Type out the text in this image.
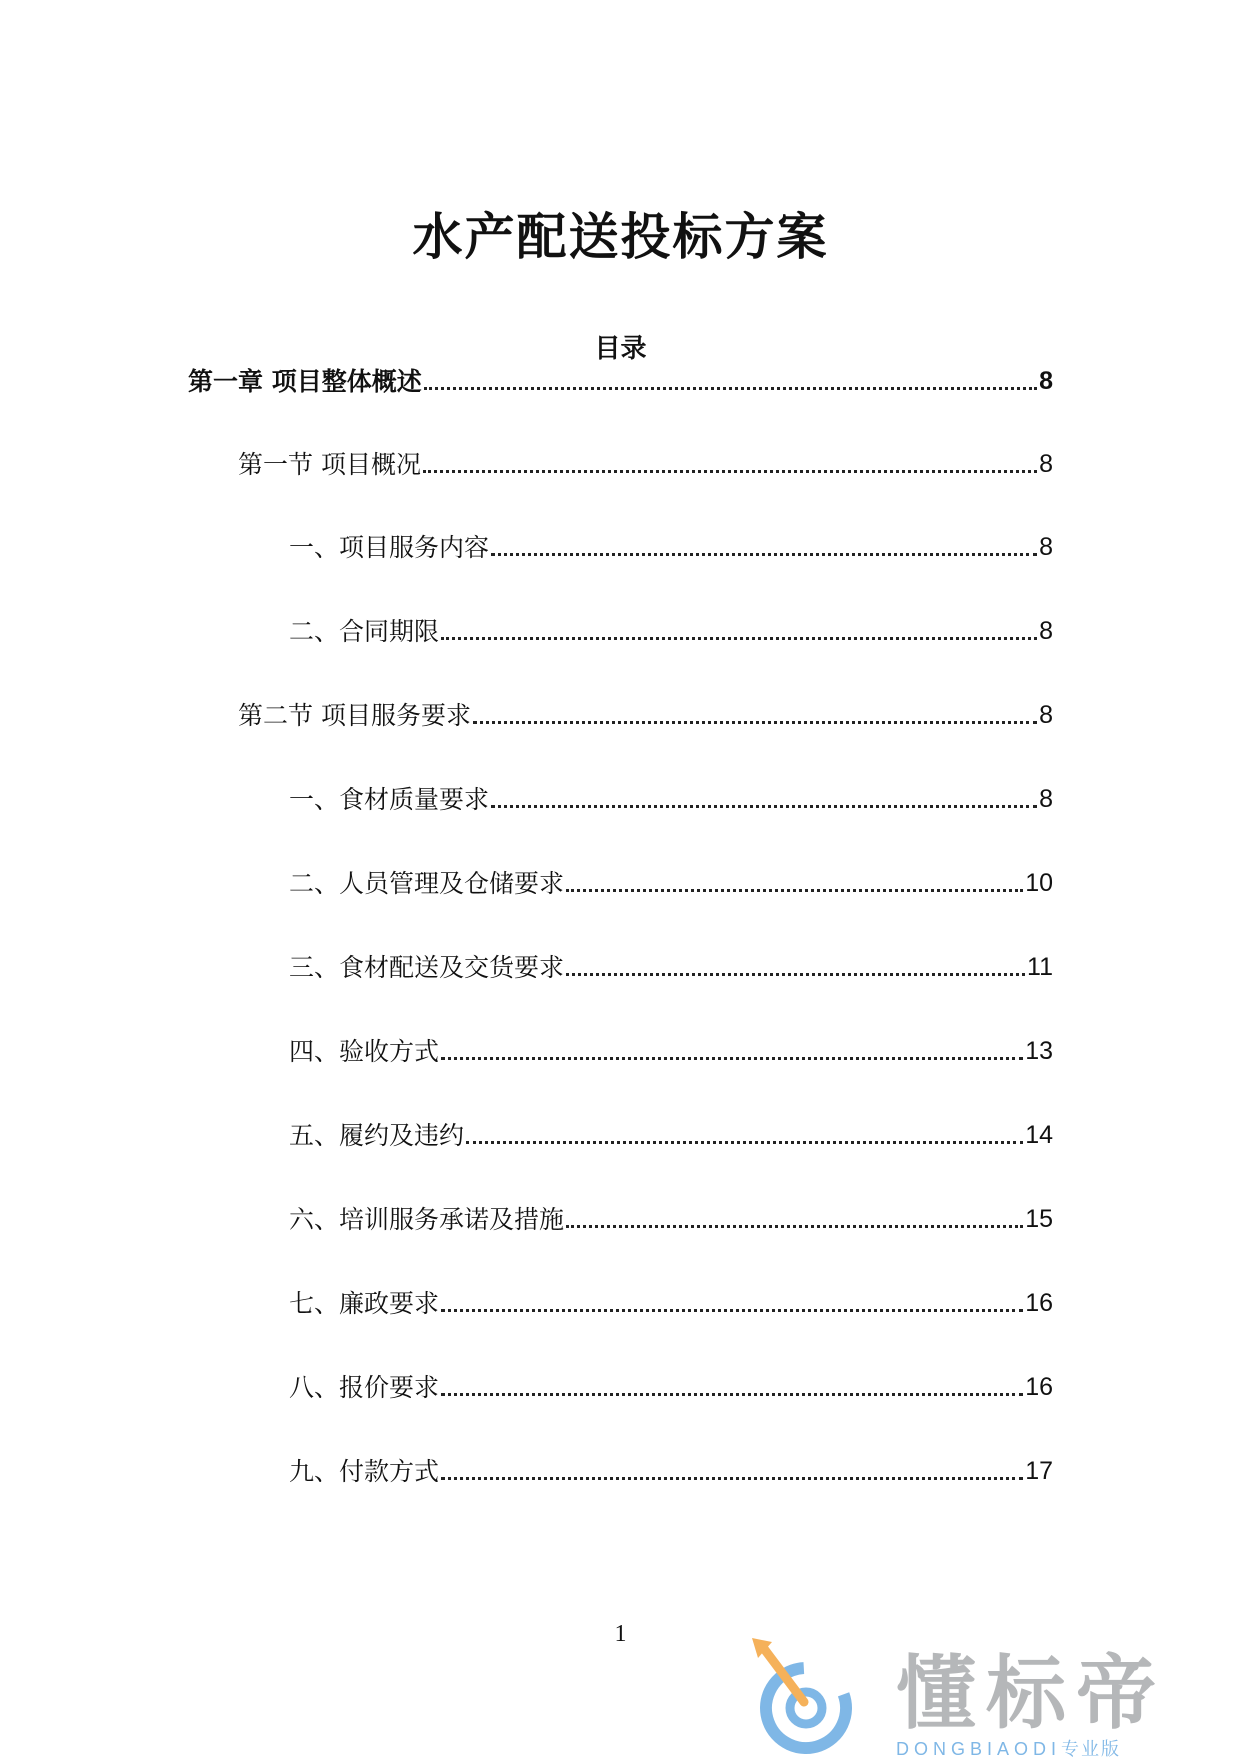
水产配送投标方案
目录
第一章 项目整体概述	8
第一节 项目概况	8
一、项目服务内容	8
二、合同期限	8
第二节 项目服务要求	8
一、食材质量要求	8
二、人员管理及仓储要求	10
三、食材配送及交货要求	11
四、验收方式	13
五、履约及违约	14
六、培训服务承诺及措施	15
七、廉政要求	16
八、报价要求	16
九、付款方式	17
1
懂标帝
DONGBIAODI专业版
